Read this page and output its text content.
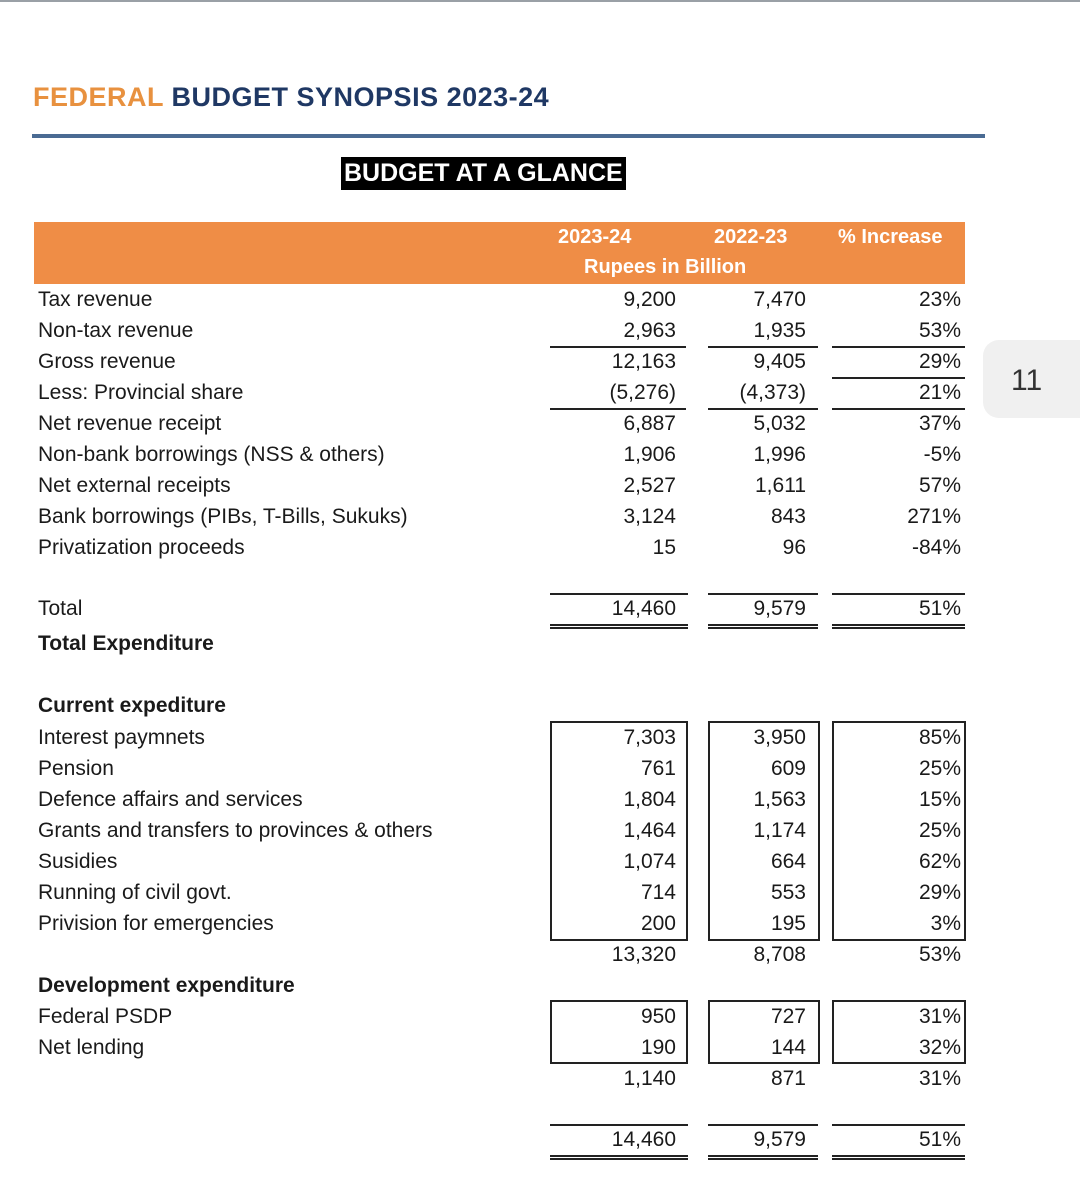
FEDERAL BUDGET SYNOPSIS 2023-24
BUDGET AT A GLANCE
2023-24	2022-23	% Increase
Rupees in Billion
11
Tax revenue	9,200	7,470	23%
Non-tax revenue	2,963	1,935	53%
Gross revenue	12,163	9,405	29%
Less: Provincial share	(5,276)	(4,373)	21%
Net revenue receipt	6,887	5,032	37%
Non-bank borrowings (NSS & others)	1,906	1,996	-5%
Net external receipts	2,527	1,611	57%
Bank borrowings (PIBs, T-Bills, Sukuks)	3,124	843	271%
Privatization proceeds	15	96	-84%
Total	14,460	9,579	51%
Total Expenditure
Current expediture
Interest paymnets	7,303	3,950	85%
Pension	761	609	25%
Defence affairs and services	1,804	1,563	15%
Grants and transfers to provinces & others	1,464	1,174	25%
Susidies	1,074	664	62%
Running of civil govt.	714	553	29%
Privision for emergencies	200	195	3%
13,320	8,708	53%
Development expenditure
Federal PSDP	950	727	31%
Net lending	190	144	32%
1,140	871	31%
14,460	9,579	51%
